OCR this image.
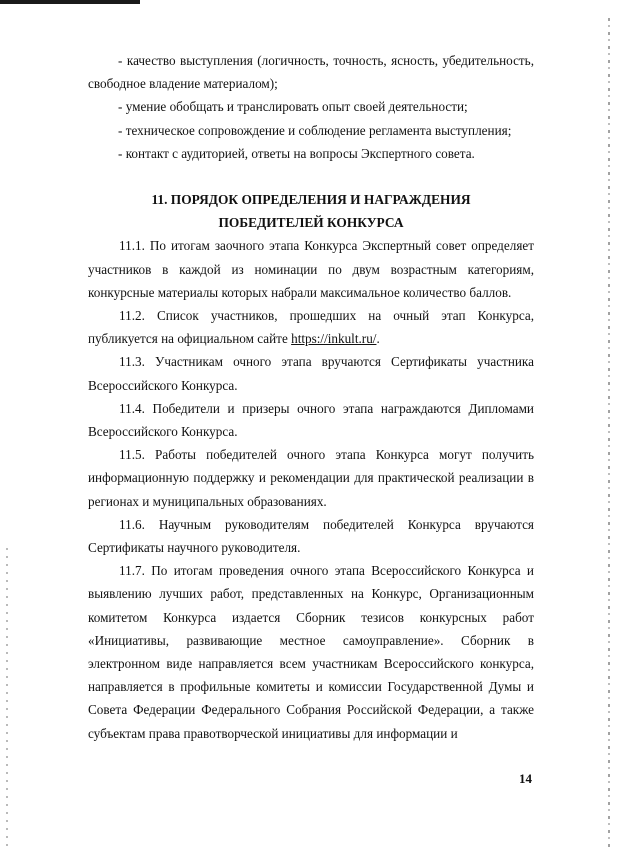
- качество выступления (логичность, точность, ясность, убедительность, свободное владение материалом);

- умение обобщать и транслировать опыт своей деятельности;

- техническое сопровождение и соблюдение регламента выступления;

- контакт с аудиторией, ответы на вопросы Экспертного совета.

11. ПОРЯДОК ОПРЕДЕЛЕНИЯ И НАГРАЖДЕНИЯ
ПОБЕДИТЕЛЕЙ КОНКУРСА

11.1. По итогам заочного этапа Конкурса Экспертный совет определяет участников в каждой из номинации по двум возрастным категориям, конкурсные материалы которых набрали максимальное количество баллов.

11.2. Список участников, прошедших на очный этап Конкурса, публикуется на официальном сайте https://inkult.ru/.

11.3. Участникам очного этапа вручаются Сертификаты участника Всероссийского Конкурса.

11.4. Победители и призеры очного этапа награждаются Дипломами Всероссийского Конкурса.

11.5. Работы победителей очного этапа Конкурса могут получить информационную поддержку и рекомендации для практической реализации в регионах и муниципальных образованиях.

11.6. Научным руководителям победителей Конкурса вручаются Сертификаты научного руководителя.

11.7. По итогам проведения очного этапа Всероссийского Конкурса и выявлению лучших работ, представленных на Конкурс, Организационным комитетом Конкурса издается Сборник тезисов конкурсных работ «Инициативы, развивающие местное самоуправление». Сборник в электронном виде направляется всем участникам Всероссийского конкурса, направляется в профильные комитеты и комиссии Государственной Думы и Совета Федерации Федерального Собрания Российской Федерации, а также субъектам права правотворческой инициативы для информации и

14
